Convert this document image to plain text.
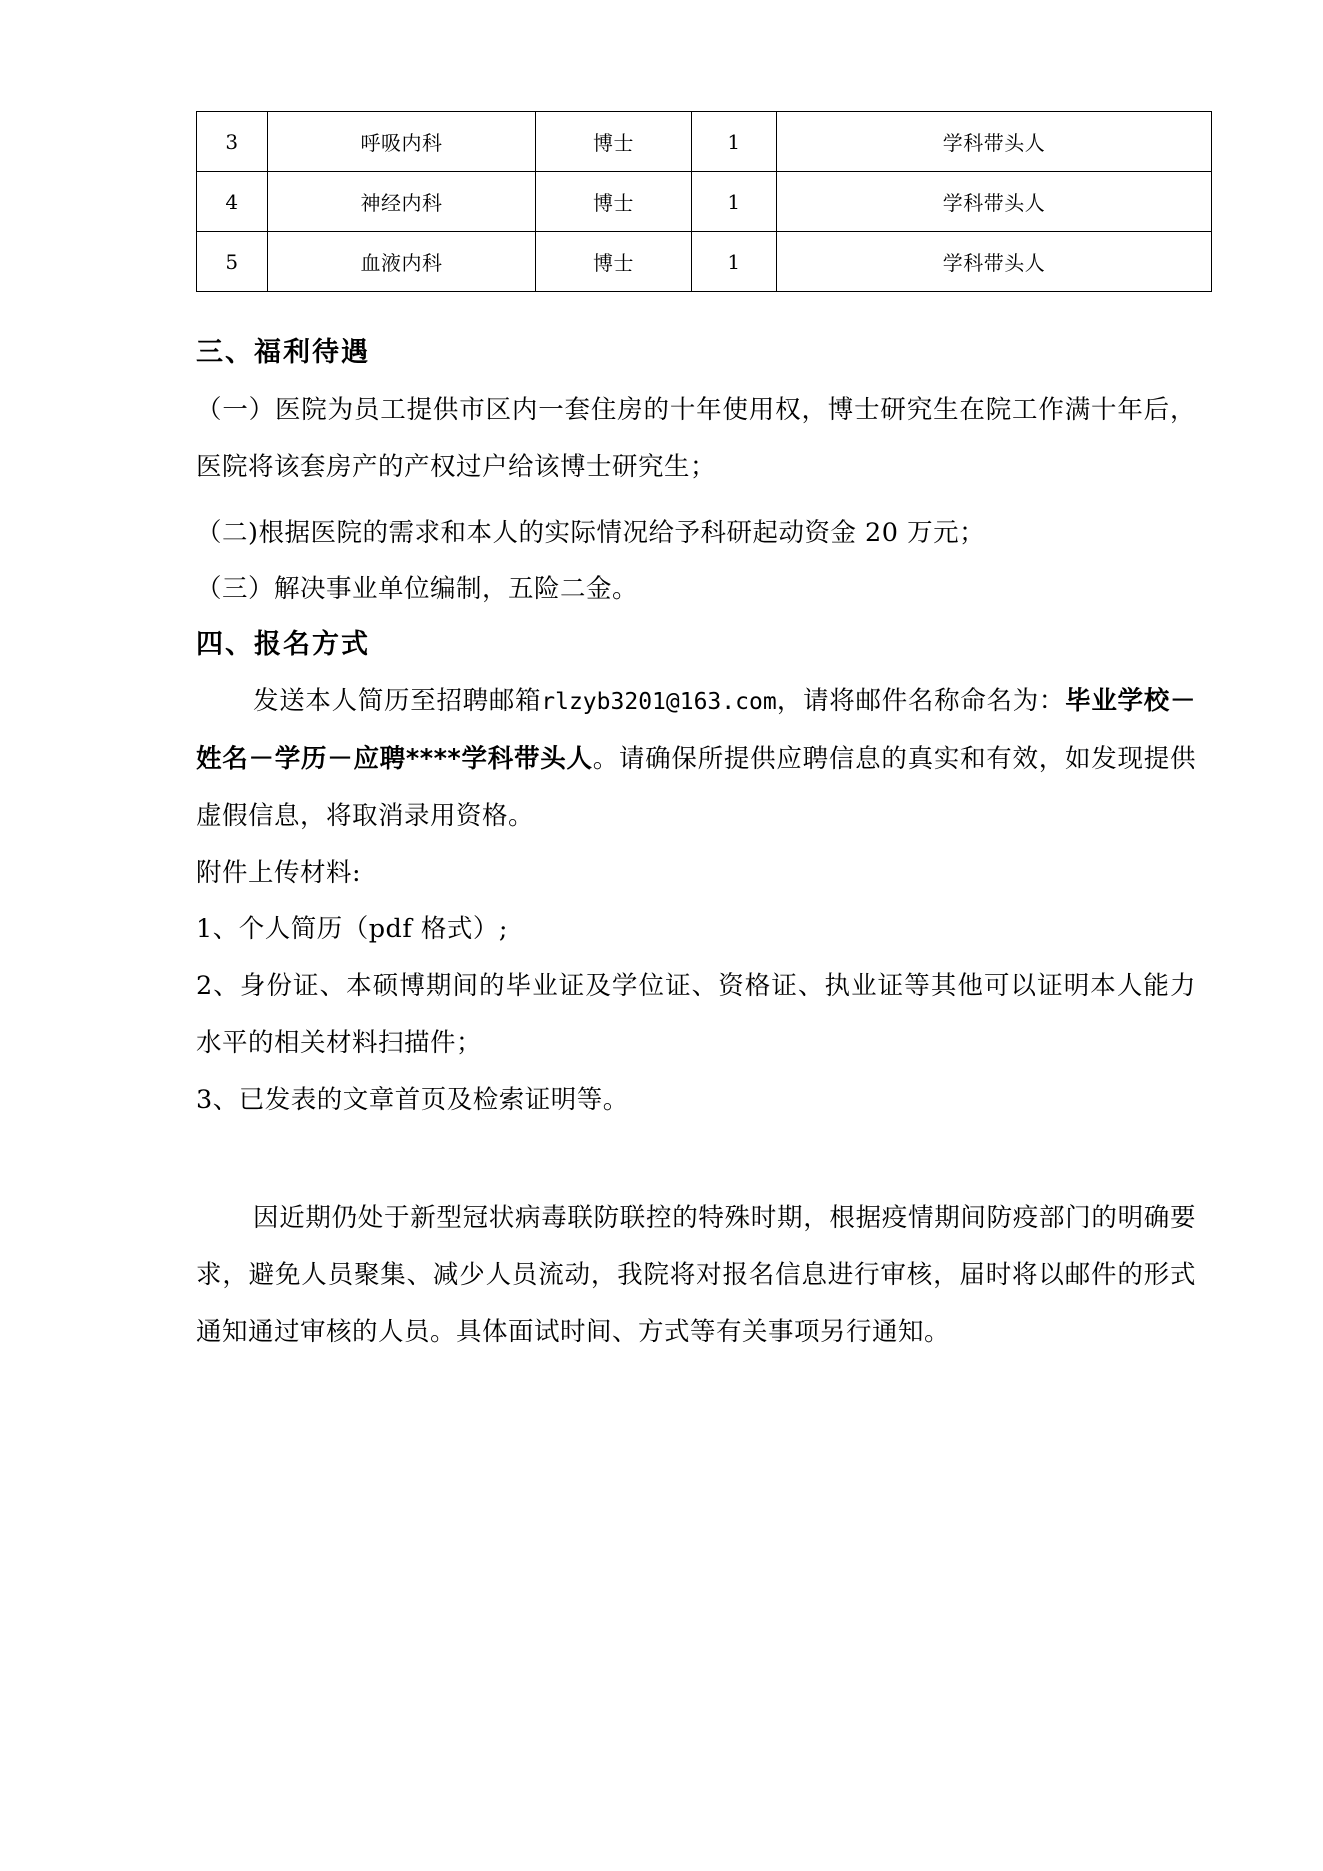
3	呼吸内科	博士	1	学科带头人
4	神经内科	博士	1	学科带头人
5	血液内科	博士	1	学科带头人
三、福利待遇

（一）医院为员工提供市区内一套住房的十年使用权，博士研究生在院工作满十年后，医院将该套房产的产权过户给该博士研究生；

（二)根据医院的需求和本人的实际情况给予科研起动资金 20 万元；

（三）解决事业单位编制，五险二金。

四、报名方式

发送本人简历至招聘邮箱rlzyb3201@163.com，请将邮件名称命名为：毕业学校－姓名－学历－应聘****学科带头人。请确保所提供应聘信息的真实和有效，如发现提供虚假信息，将取消录用资格。

附件上传材料:

1、个人简历（pdf 格式）;

2、身份证、本硕博期间的毕业证及学位证、资格证、执业证等其他可以证明本人能力水平的相关材料扫描件；

3、已发表的文章首页及检索证明等。

因近期仍处于新型冠状病毒联防联控的特殊时期，根据疫情期间防疫部门的明确要求，避免人员聚集、减少人员流动，我院将对报名信息进行审核，届时将以邮件的形式通知通过审核的人员。具体面试时间、方式等有关事项另行通知。
